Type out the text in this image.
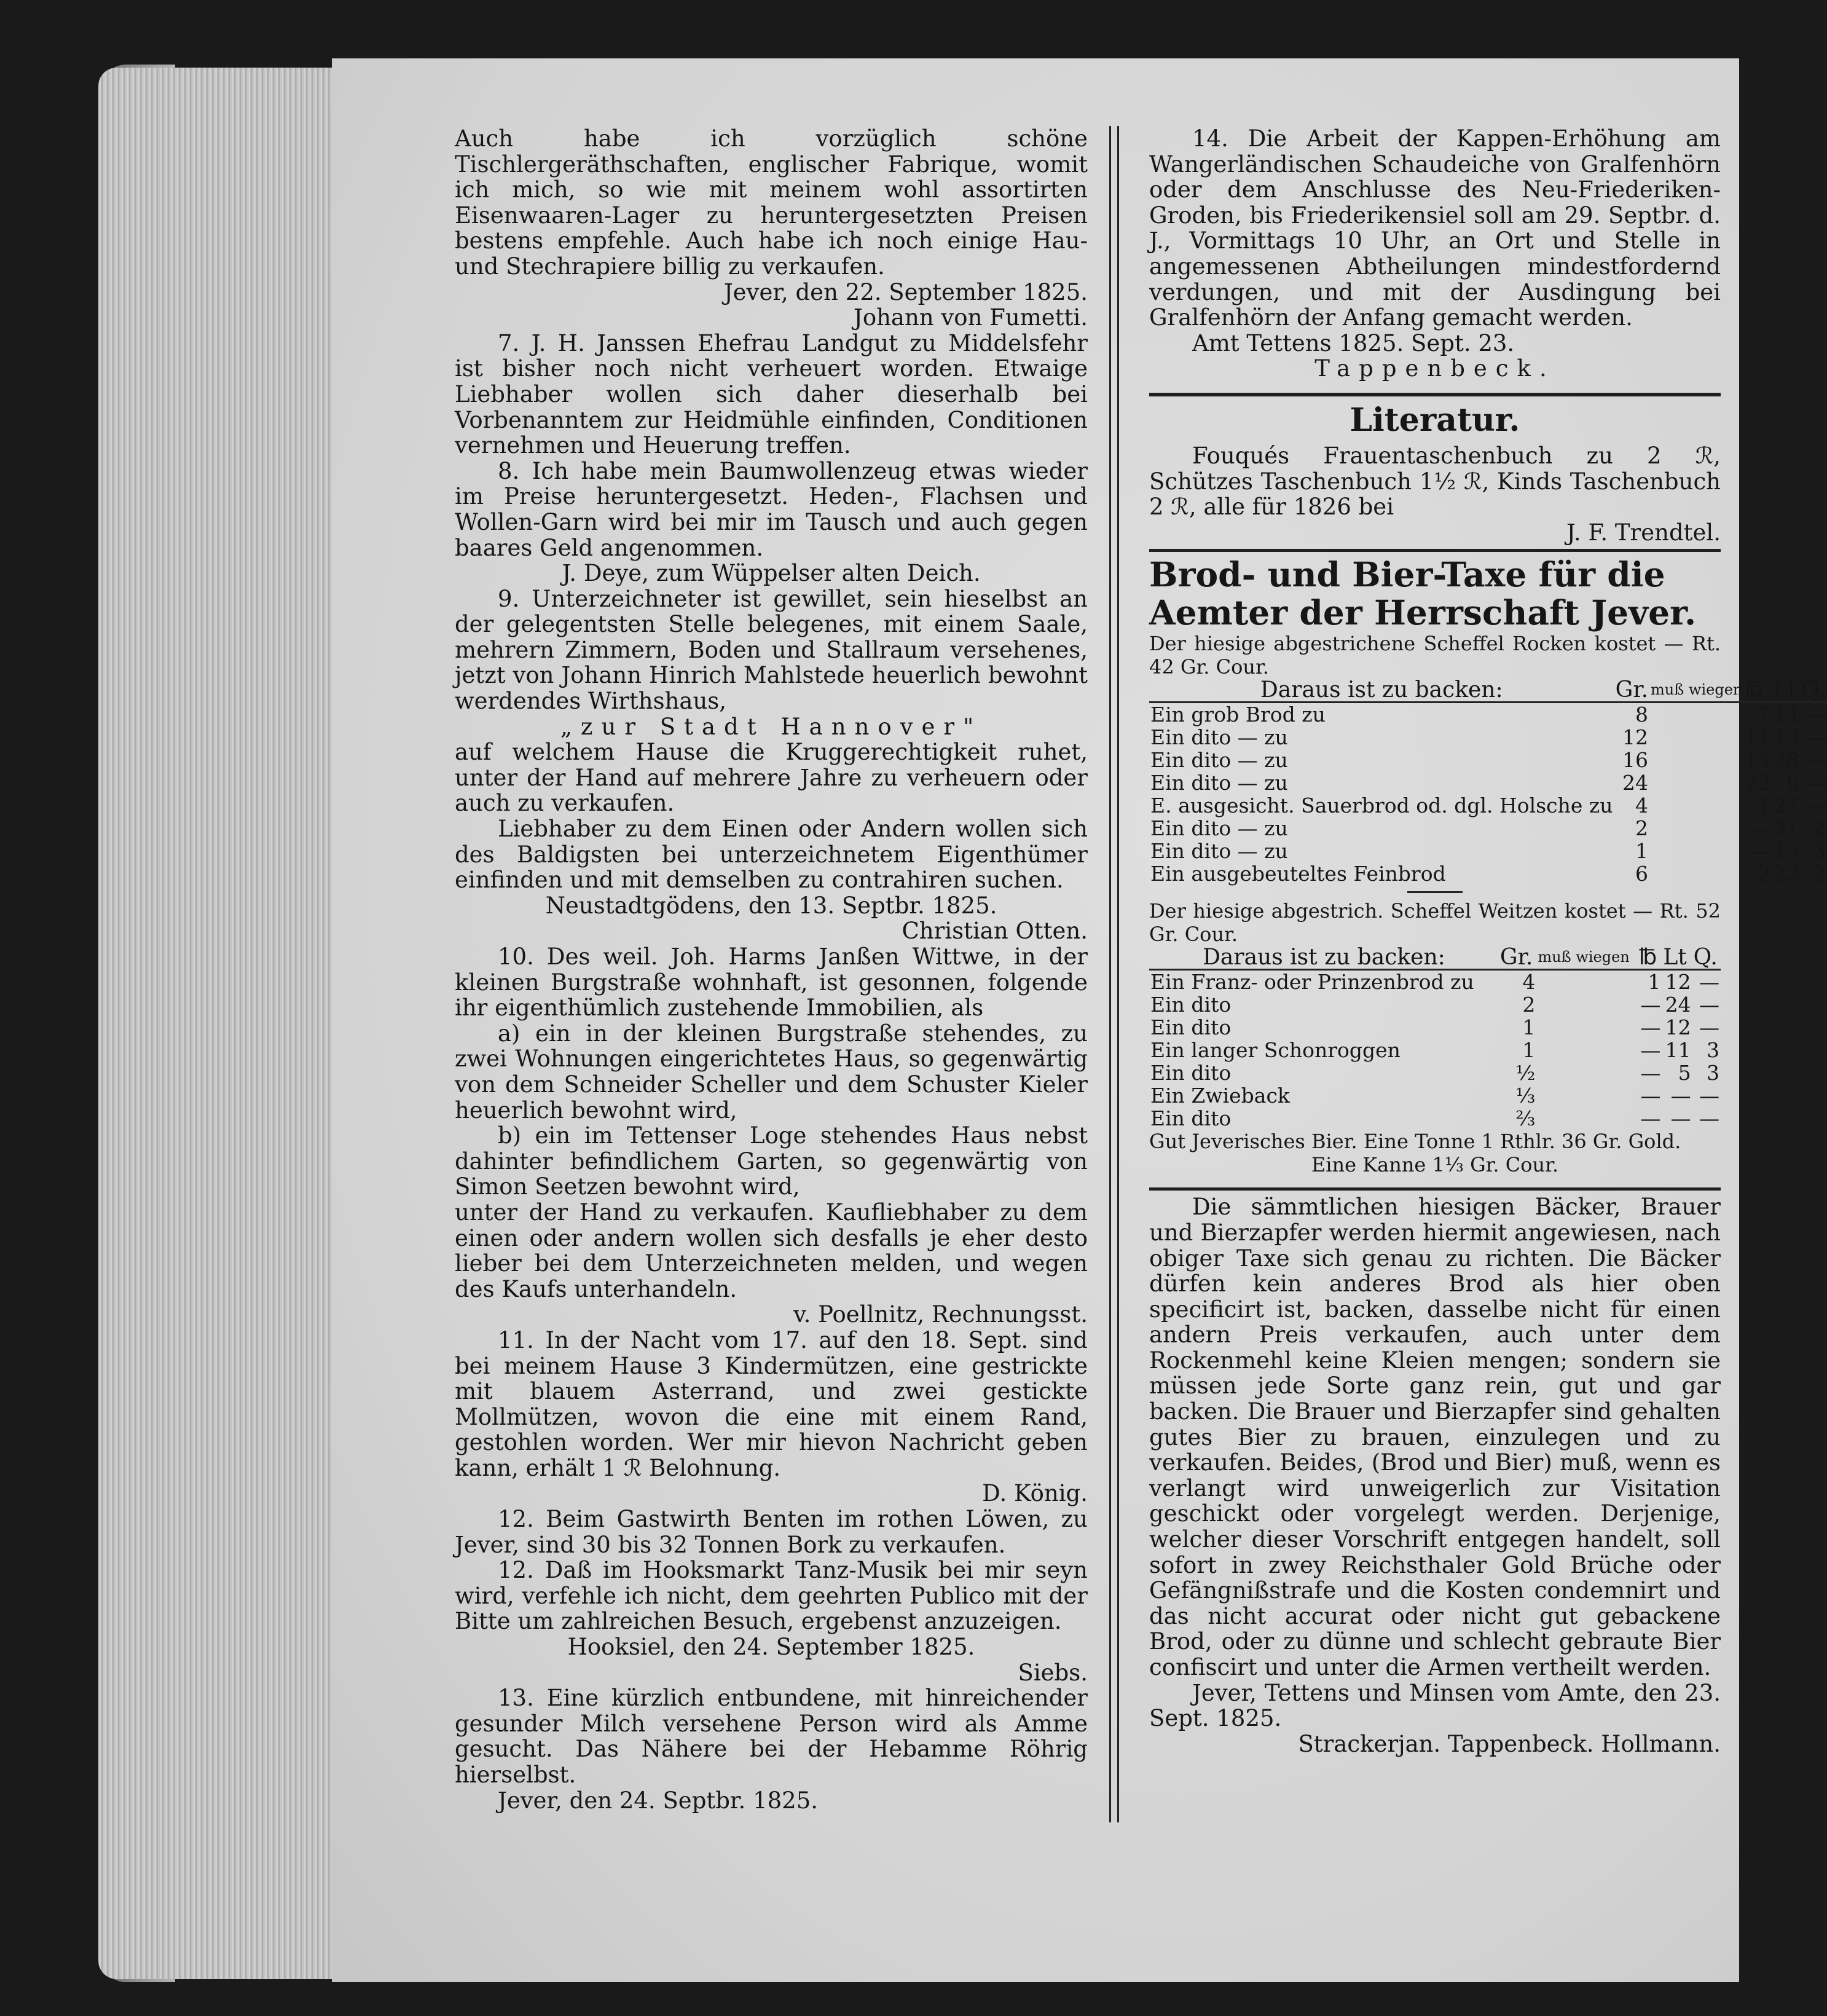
Auch habe ich vorzüglich schöne Tischlergeräthschaften, englischer Fabrique, womit ich mich, so wie mit meinem wohl assortirten Eisenwaaren-Lager zu heruntergesetzten Preisen bestens empfehle. Auch habe ich noch einige Hau- und Stechrapiere billig zu verkaufen.

Jever, den 22. September 1825.

Johann von Fumetti.

7. J. H. Janssen Ehefrau Landgut zu Middelsfehr ist bisher noch nicht verheuert worden. Etwaige Liebhaber wollen sich daher dieserhalb bei Vorbenanntem zur Heidmühle einfinden, Conditionen vernehmen und Heuerung treffen.

8. Ich habe mein Baumwollenzeug etwas wieder im Preise heruntergesetzt. Heden-, Flachsen und Wollen-Garn wird bei mir im Tausch und auch gegen baares Geld angenommen.

J. Deye, zum Wüppelser alten Deich.

9. Unterzeichneter ist gewillet, sein hieselbst an der gelegentsten Stelle belegenes, mit einem Saale, mehrern Zimmern, Boden und Stallraum versehenes, jetzt von Johann Hinrich Mahlstede heuerlich bewohnt werdendes Wirthshaus,

„zur Stadt Hannover"

auf welchem Hause die Kruggerechtigkeit ruhet, unter der Hand auf mehrere Jahre zu verheuern oder auch zu verkaufen.

Liebhaber zu dem Einen oder Andern wollen sich des Baldigsten bei unterzeichnetem Eigenthümer einfinden und mit demselben zu contrahiren suchen.

Neustadtgödens, den 13. Septbr. 1825.

Christian Otten.

10. Des weil. Joh. Harms Janßen Wittwe, in der kleinen Burgstraße wohnhaft, ist gesonnen, folgende ihr eigenthümlich zustehende Immobilien, als

a) ein in der kleinen Burgstraße stehendes, zu zwei Wohnungen eingerichtetes Haus, so gegenwärtig von dem Schneider Scheller und dem Schuster Kieler heuerlich bewohnt wird,

b) ein im Tettenser Loge stehendes Haus nebst dahinter befindlichem Garten, so gegenwärtig von Simon Seetzen bewohnt wird,

unter der Hand zu verkaufen. Kaufliebhaber zu dem einen oder andern wollen sich desfalls je eher desto lieber bei dem Unterzeichneten melden, und wegen des Kaufs unterhandeln.

v. Poellnitz, Rechnungsst.

11. In der Nacht vom 17. auf den 18. Sept. sind bei meinem Hause 3 Kindermützen, eine gestrickte mit blauem Asterrand, und zwei gestickte Mollmützen, wovon die eine mit einem Rand, gestohlen worden. Wer mir hievon Nachricht geben kann, erhält 1 ℛ Belohnung.

D. König.

12. Beim Gastwirth Benten im rothen Löwen, zu Jever, sind 30 bis 32 Tonnen Bork zu verkaufen.

12. Daß im Hooksmarkt Tanz-Musik bei mir seyn wird, verfehle ich nicht, dem geehrten Publico mit der Bitte um zahlreichen Besuch, ergebenst anzuzeigen.

Hooksiel, den 24. September 1825.

Siebs.

13. Eine kürzlich entbundene, mit hinreichender gesunder Milch versehene Person wird als Amme gesucht. Das Nähere bei der Hebamme Röhrig hierselbst.

Jever, den 24. Septbr. 1825.

14. Die Arbeit der Kappen-Erhöhung am Wangerländischen Schaudeiche von Gralfenhörn oder dem Anschlusse des Neu-Friederiken-Groden, bis Friederikensiel soll am 29. Septbr. d. J., Vormittags 10 Uhr, an Ort und Stelle in angemessenen Abtheilungen mindestfordernd verdungen, und mit der Ausdingung bei Gralfenhörn der Anfang gemacht werden.

Amt Tettens 1825. Sept. 23.

Tappenbeck.

Literatur.

Fouqués Frauentaschenbuch zu 2 ℛ, Schützes Taschenbuch 1½ ℛ, Kinds Taschenbuch 2 ℛ, alle für 1826 bei

J. F. Trendtel.

Brod- und Bier-Taxe für die Aemter der Herrschaft Jever.

Der hiesige abgestrichene Scheffel Rocken kostet — Rt. 42 Gr. Cour.

Daraus ist zu backen:	Gr.	muß wiegen	℔	Lt	Q.
Ein grob Brod zu	8		7	14	—
Ein dito — zu	12		11	13	—
Ein dito — zu	16		14	28	—
Ein dito — zu	24		22	6	—
E. ausgesicht. Sauerbrod od. dgl. Holsche zu	4		1	27	—
Ein dito — zu	2		—	31	2
Ein dito — zu	1		—	15	3
Ein ausgebeuteltes Feinbrod	6		2	22	2

Der hiesige abgestrich. Scheffel Weitzen kostet — Rt. 52 Gr. Cour.

Daraus ist zu backen:	Gr.	muß wiegen	℔	Lt	Q.
Ein Franz- oder Prinzenbrod zu	4		1	12	—
Ein dito	2		—	24	—
Ein dito	1		—	12	—
Ein langer Schonroggen	1		—	11	3
Ein dito	½		—	5	3
Ein Zwieback	⅓		—	—	—
Ein dito	⅔		—	—	—

Gut Jeverisches Bier. Eine Tonne 1 Rthlr. 36 Gr. Gold.

Eine Kanne 1⅓ Gr. Cour.

Die sämmtlichen hiesigen Bäcker, Brauer und Bierzapfer werden hiermit angewiesen, nach obiger Taxe sich genau zu richten. Die Bäcker dürfen kein anderes Brod als hier oben specificirt ist, backen, dasselbe nicht für einen andern Preis verkaufen, auch unter dem Rockenmehl keine Kleien mengen; sondern sie müssen jede Sorte ganz rein, gut und gar backen. Die Brauer und Bierzapfer sind gehalten gutes Bier zu brauen, einzulegen und zu verkaufen. Beides, (Brod und Bier) muß, wenn es verlangt wird unweigerlich zur Visitation geschickt oder vorgelegt werden. Derjenige, welcher dieser Vorschrift entgegen handelt, soll sofort in zwey Reichsthaler Gold Brüche oder Gefängnißstrafe und die Kosten condemnirt und das nicht accurat oder nicht gut gebackene Brod, oder zu dünne und schlecht gebraute Bier confiscirt und unter die Armen vertheilt werden.

Jever, Tettens und Minsen vom Amte, den 23. Sept. 1825.

Strackerjan. Tappenbeck. Hollmann.
